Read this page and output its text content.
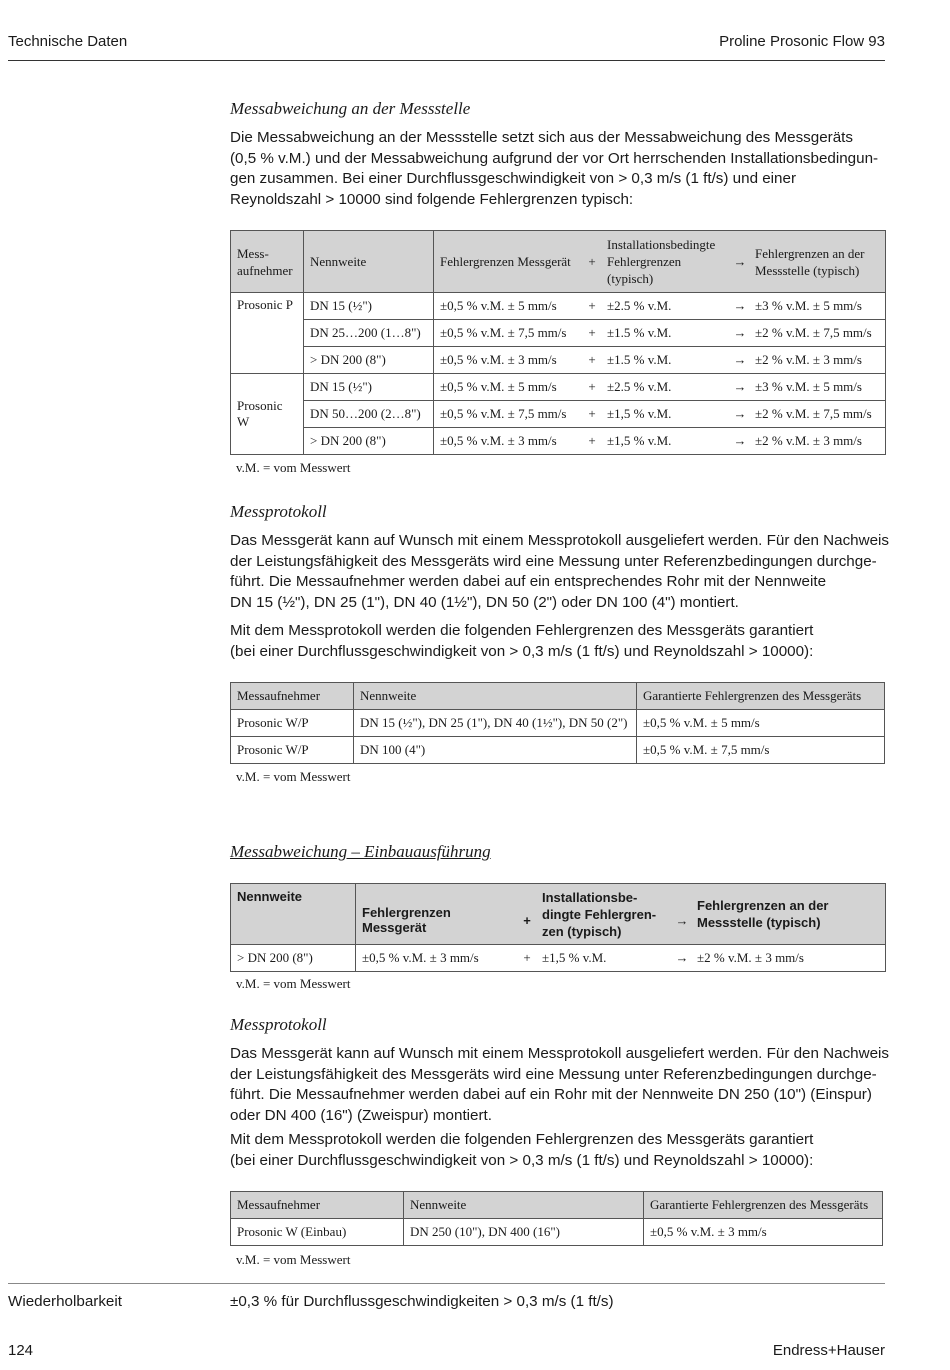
Technische Daten	Proline Prosonic Flow 93
Messabweichung an der Messstelle

Die Messabweichung an der Messstelle setzt sich aus der Messabweichung des Messgeräts

(0,5 % v.M.) und der Messabweichung aufgrund der vor Ort herrschenden Installationsbedingun-

gen zusammen. Bei einer Durchflussgeschwindigkeit von > 0,3 m/s (1 ft/s) und einer

Reynoldszahl > 10000 sind folgende Fehlergrenzen typisch:

Mess-
aufnehmer	Nennweite	Fehlergrenzen Messgerät	+	Installationsbedingte Fehlergrenzen (typisch)	→	Fehlergrenzen an der Messstelle (typisch)
Prosonic P	DN 15 (½")	±0,5 % v.M. ± 5 mm/s	+	±2.5 % v.M.	→	±3 % v.M. ± 5 mm/s
	DN 25…200 (1…8")	±0,5 % v.M. ± 7,5 mm/s	+	±1.5 % v.M.	→	±2 % v.M. ± 7,5 mm/s
	> DN 200 (8")	±0,5 % v.M. ± 3 mm/s	+	±1.5 % v.M.	→	±2 % v.M. ± 3 mm/s
Prosonic W	DN 15 (½")	±0,5 % v.M. ± 5 mm/s	+	±2.5 % v.M.	→	±3 % v.M. ± 5 mm/s
	DN 50…200 (2…8")	±0,5 % v.M. ± 7,5 mm/s	+	±1,5 % v.M.	→	±2 % v.M. ± 7,5 mm/s
	> DN 200 (8")	±0,5 % v.M. ± 3 mm/s	+	±1,5 % v.M.	→	±2 % v.M. ± 3 mm/s
v.M. = vom Messwert
Messprotokoll

Das Messgerät kann auf Wunsch mit einem Messprotokoll ausgeliefert werden. Für den Nachweis

der Leistungsfähigkeit des Messgeräts wird eine Messung unter Referenzbedingungen durchge-

führt. Die Messaufnehmer werden dabei auf ein entsprechendes Rohr mit der Nennweite

DN 15 (½"), DN 25 (1"), DN 40 (1½"), DN 50 (2") oder DN 100 (4") montiert.

Mit dem Messprotokoll werden die folgenden Fehlergrenzen des Messgeräts garantiert

(bei einer Durchflussgeschwindigkeit von > 0,3 m/s (1 ft/s) und Reynoldszahl > 10000):

Messaufnehmer	Nennweite	Garantierte Fehlergrenzen des Messgeräts
Prosonic W/P	DN 15 (½"), DN 25 (1"), DN 40 (1½"), DN 50 (2")	±0,5 % v.M. ± 5 mm/s
Prosonic W/P	DN 100 (4")	±0,5 % v.M. ± 7,5 mm/s
v.M. = vom Messwert
Messabweichung – Einbauausführung
Nennweite	Fehlergrenzen Messgerät	+	Installationsbe-
dingte Fehlergren-
zen (typisch)	→	Fehlergrenzen an der
Messstelle (typisch)
> DN 200 (8")	±0,5 % v.M. ± 3 mm/s	+	±1,5 % v.M.	→	±2 % v.M. ± 3 mm/s
v.M. = vom Messwert
Messprotokoll

Das Messgerät kann auf Wunsch mit einem Messprotokoll ausgeliefert werden. Für den Nachweis

der Leistungsfähigkeit des Messgeräts wird eine Messung unter Referenzbedingungen durchge-

führt. Die Messaufnehmer werden dabei auf ein Rohr mit der Nennweite DN 250 (10") (Einspur)

oder DN 400 (16") (Zweispur) montiert.

Mit dem Messprotokoll werden die folgenden Fehlergrenzen des Messgeräts garantiert

(bei einer Durchflussgeschwindigkeit von > 0,3 m/s (1 ft/s) und Reynoldszahl > 10000):

Messaufnehmer	Nennweite	Garantierte Fehlergrenzen des Messgeräts
Prosonic W (Einbau)	DN 250 (10"), DN 400 (16")	±0,5 % v.M. ± 3 mm/s
v.M. = vom Messwert
Wiederholbarkeit	±0,3 % für Durchflussgeschwindigkeiten > 0,3 m/s (1 ft/s)
124	Endress+Hauser
